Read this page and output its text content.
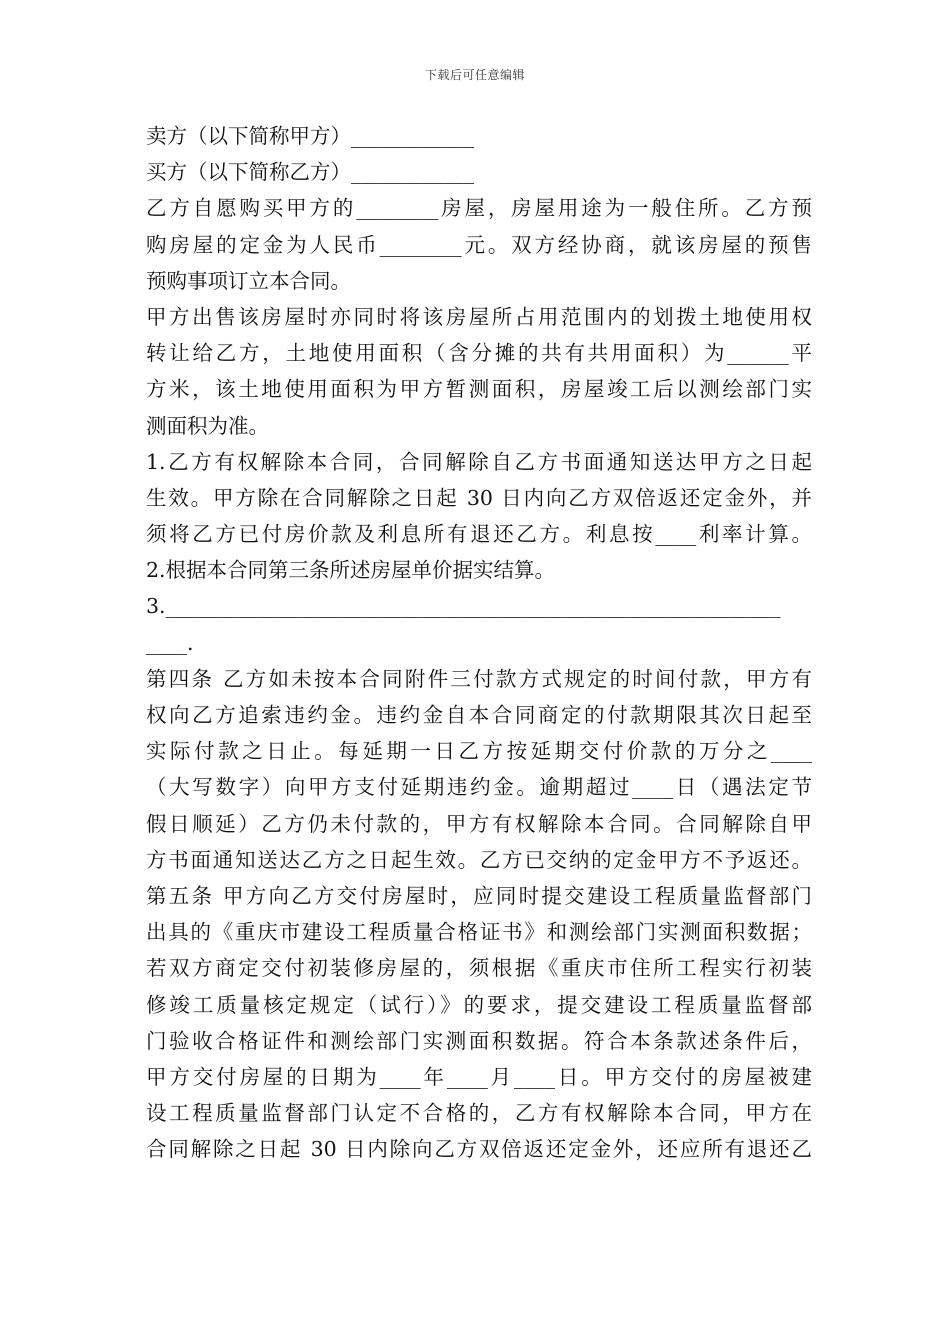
下载后可任意编辑
卖方（以下简称甲方）____________
买方（以下简称乙方）____________
乙方自愿购买甲方的________房屋，房屋用途为一般住所。乙方预
购房屋的定金为人民币________元。双方经协商，就该房屋的预售
预购事项订立本合同。
甲方出售该房屋时亦同时将该房屋所占用范围内的划拨土地使用权
转让给乙方，土地使用面积（含分摊的共有共用面积）为______平
方米，该土地使用面积为甲方暂测面积，房屋竣工后以测绘部门实
测面积为准。
1.乙方有权解除本合同，合同解除自乙方书面通知送达甲方之日起
生效。甲方除在合同解除之日起 30 日内向乙方双倍返还定金外，并
须将乙方已付房价款及利息所有退还乙方。利息按____利率计算。
2.根据本合同第三条所述房屋单价据实结算。
3.____________________________________________________________
____.
第四条 乙方如未按本合同附件三付款方式规定的时间付款，甲方有
权向乙方追索违约金。违约金自本合同商定的付款期限其次日起至
实际付款之日止。每延期一日乙方按延期交付价款的万分之____
（大写数字）向甲方支付延期违约金。逾期超过____日（遇法定节
假日顺延）乙方仍未付款的，甲方有权解除本合同。合同解除自甲
方书面通知送达乙方之日起生效。乙方已交纳的定金甲方不予返还。
第五条 甲方向乙方交付房屋时，应同时提交建设工程质量监督部门
出具的《重庆市建设工程质量合格证书》和测绘部门实测面积数据；
若双方商定交付初装修房屋的，须根据《重庆市住所工程实行初装
修竣工质量核定规定（试行）》的要求，提交建设工程质量监督部
门验收合格证件和测绘部门实测面积数据。符合本条款述条件后，
甲方交付房屋的日期为____年____月____日。甲方交付的房屋被建
设工程质量监督部门认定不合格的，乙方有权解除本合同，甲方在
合同解除之日起 30 日内除向乙方双倍返还定金外，还应所有退还乙
